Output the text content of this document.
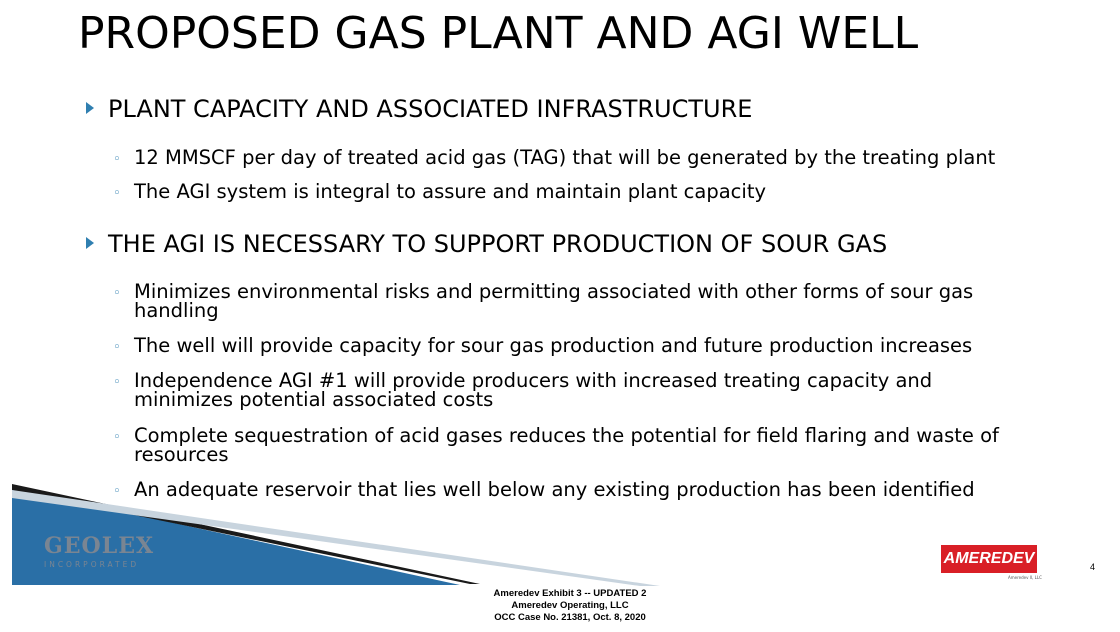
PROPOSED GAS PLANT AND AGI WELL
PLANT CAPACITY AND ASSOCIATED INFRASTRUCTURE
◦ 12 MMSCF per day of treated acid gas (TAG) that will be generated by the treating plant
◦ The AGI system is integral to assure and maintain plant capacity
THE AGI IS NECESSARY TO SUPPORT PRODUCTION OF SOUR GAS
◦ Minimizes environmental risks and permitting associated with other forms of sour gas handling
◦ The well will provide capacity for sour gas production and future production increases
◦ Independence AGI #1 will provide producers with increased treating capacity and minimizes potential associated costs
◦ Complete sequestration of acid gases reduces the potential for field flaring and waste of resources
◦ An adequate reservoir that lies well below any existing production has been identified
GEOLEX
INCORPORATED	AMEREDEV
Ameredev II, LLC
4
Ameredev Exhibit 3 -- UPDATED 2
Ameredev Operating, LLC
OCC Case No. 21381, Oct. 8, 2020
